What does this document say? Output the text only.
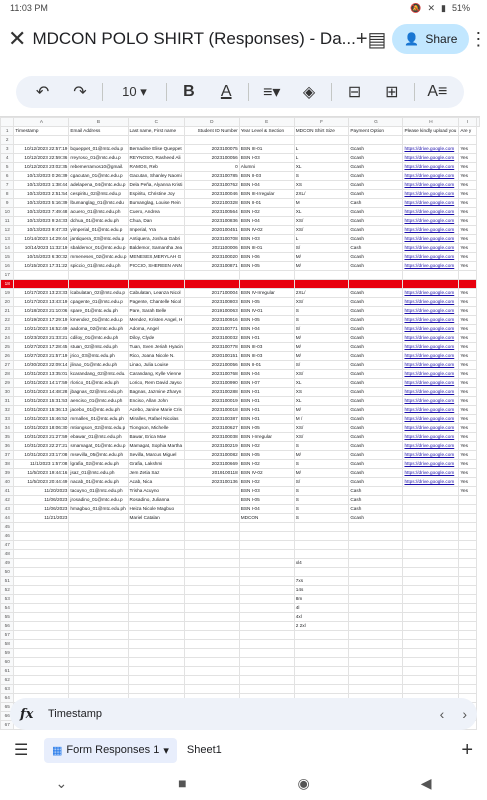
11:03 PM	🔕 ✕ ▮ 51%
✕ MDCON POLO SHIRT (Responses) - Da... + ▤ 👤 Share ⋮
↶	↷	10 ▾	B	A	≡▾	◈	⊟	⊞	A≡
	A	B	C	D	E	F	G	H	I	
1	Timestamp	Email Address	Last name, First name	Student ID Number	Year Level & Section	MDCON Shirt Size	Payment Option	Please kindly upload you	Are y	
2										
3	10/12/2023 22:57:19	bqueppet_01@mtc.edu.p	Bernadine Elise Queppet	2023100075	BSN III-01	L	Gcash	https://drive.google.com	Yes	
4	10/12/2023 22:59:36	rreyroso_01@mtc.edu.p	REYNOSO, Rasheed Ali	2023100056	BSN I-03	L	Gcash	https://drive.google.com	Yes	
5	10/12/2023 23:02:35	rebemerramos10@gmail.	RAMOS, Reb	0	Alumni	XL	Gcash	https://drive.google.com	Yes	
6	10/13/2023 0:26:39	cgacutan_01@mtc.edu.p	Gacutan, Shanley Naomi	2023100785	BSN II-03	S	Gcash	https://drive.google.com	Yes	
7	10/13/2023 1:38:44	adelapena_04@mtc.edu.p	Dela Peña, Alyanna Kristi	2023100762	BSN I-04	XS	Gcash	https://drive.google.com	Yes	
8	10/13/2023 2:51:54	cespiritu_02@mtc.edu.p	Espiritu, Christine Joy	2023100046	BSN III-Irregular	2XL/	Gcash	https://drive.google.com	Yes	
9	10/13/2023 5:16:39	lbumanglag_01@mtc.edu	Bumanglag, Louise Rein	2022100328	BSN II-01	M	Cash	https://drive.google.com	Yes	
10	10/13/2023 7:49:48	acuero_01@mtc.edu.ph	Cuero, Andrea	2023100564	BSN I-02	XL	Gcash	https://drive.google.com	Yes	
11	10/13/2023 9:24:33	dchua_01@mtc.edu.ph	Chua, Dan	2023100836	BSN I-04	XS/	Gcash	https://drive.google.com	Yes	
12	10/13/2023 9:47:33	yimperial_01@mtc.edu.p	Imperial, Yra	2020100451	BSN IV-02	XS/	Gcash	https://drive.google.com	Yes	
13	10/14/2023 14:29:44	jantiquera_03@mtc.edu.p	Antiquera, Joshua Gabri	2023100708	BSN I-03	L	Gcash	https://drive.google.com	Yes	
14	10/14/2023 11:32:19	sbaldemor_01@mtc.edu.p	Baldemor, Samantha Jea	2021100006	BSN III-01	S/	Cash	https://drive.google.com	Yes	
15	10/15/2023 6:30:32	mmeneses_02@mtc.edu.p	MENESES,MERYLAH G	2023100020	BSN I-06	M/	Gcash	https://drive.google.com	Yes	
16	10/15/2023 17:31:22	spiccio_01@mtc.edu.ph	PICCIO, SHEREEN ANN	2023100871	BSN I-05	M/	Gcash	https://drive.google.com	Yes	
17										
18										
19	10/17/2023 13:23:33	lcabulatan_02@mtc.edu.p	Cabulatan, Leanza Nicol	2017100004	BSN IV-Irregular	2XL/	Gcash	https://drive.google.com	Yes	
20	10/17/2023 13:43:19	cpagente_01@mtc.edu.p	Pagente, Chantelle Nicol	2023100803	BSN I-05	XS/	Gcash	https://drive.google.com	Yes	
21	10/18/2023 21:10:06	spare_01@mtc.edu.ph	Pare, Sarah Belle	2019100063	BSN IV-01	S	Gcash	https://drive.google.com	Yes	
22	10/19/2023 17:29:19	kmendez_01@mtc.edu.p	Mendez, Kristen Angel, H	2023100916	BSN I-05	S	Gcash	https://drive.google.com	Yes	
23	10/21/2023 16:52:49	aadoma_02@mtc.edu.ph	Adoma, Angel	2023100771	BSN I-04	S/	Gcash	https://drive.google.com	Yes	
24	10/23/2023 21:33:21	cdiloy_01@mtc.edu.ph	Diloy, Clyde	2023100032	BSN I-01	M/	Gcash	https://drive.google.com	Yes	
25	10/27/2023 17:28:45	stuan_02@mtc.edu.ph	Tuan, Sven Jeriah Hyacin	2023100778	BSN III-03	M/	Gcash	https://drive.google.com	Yes	
26	10/27/2023 21:57:19	jrico_03@mtc.edu.ph	Rico, Joana Nicole N.	2020100151	BSN III-03	M/	Gcash	https://drive.google.com	Yes	
27	10/30/2023 22:09:14	jlinao_01@mtc.edu.ph	Linao, Julia Louise	2022100056	BSN II-01	S/	Gcash	https://drive.google.com	Yes	
28	10/31/2023 13:35:01	kcarandang_02@mtc.edu.	Carandang, Kylle Vienne	2023100768	BSN I-04	XS/	Gcash	https://drive.google.com	Yes	
29	10/31/2023 14:17:59	rlorico_01@mtc.edu.ph	Lorico, Rem David Jayso	2023100990	BSN I-07	XL	Gcash	https://drive.google.com	Yes	
30	10/31/2023 14:48:28	jbagnas_02@mtc.edu.ph	Bagnas, Jazmine Zharyn	2023100288	BSN I-01	XS	Gcash	https://drive.google.com	Yes	
31	10/31/2023 15:31:53	aenciso_01@mtc.edu.ph	Enciso, Allan John	2023100019	BSN I-01	XL	Gcash	https://drive.google.com	Yes	
32	10/31/2023 15:36:13	jacebo_01@mtc.edu.ph	Acebo, Janine Marie Cris	2023100018	BSN I-01	M/	Gcash	https://drive.google.com	Yes	
33	10/31/2023 15:46:52	mrnalles_01@mtc.edu.ph	Miralles, Rafael Nicolas	2023100387	BSN I-01	M /	Gcash	https://drive.google.com	Yes	
34	10/31/2023 18:06:30	mtiongson_02@mtc.edu.p	Tiongson, Michelle	2023100627	BSN I-05	XS/	Gcash	https://drive.google.com	Yes	
35	10/31/2023 21:27:59	ebawar_01@mtc.edu.ph	Bawar, Erica Mae	2023100038	BSN I-Irregular	XS/	Gcash	https://drive.google.com	Yes	
36	10/31/2023 22:27:21	smamagat_01@mtc.edu.p	Mamagat, Sophia Martha	2023100219	BSN I-02	S	Gcash	https://drive.google.com	Yes	
37	10/31/2023 23:17:08	msevilla_05@mtc.edu.ph	Sevilla, Marcus Miguel	2023100082	BSN I-05	M/	Gcash	https://drive.google.com	Yes	
38	11/1/2023 1:57:08	lgrafia_02@mtc.edu.ph	Grafia, Lakshmi	2023100669	BSN I-02	S	Gcash	https://drive.google.com	Yes	
39	11/5/2023 19:44:16	jsaz_01@mtc.edu.ph	Jem Zetia Saz	2019100118	BSN IV-02	M/	Gcash	https://drive.google.com	Yes	
40	11/5/2023 20:44:49	nacab_01@mtc.edu.ph	Acab, Nica	2023100136	BSN I-02	S/	Gcash	https://drive.google.com	Yes	
41	11/20/2023	tacuyno_01@mtc.edu.ph	Trisha Acuyno		BSN I-03	S	Cash		Yes	
42	11/06/2023	jrosadino_01@mtc.edu.p	Rosadino, Julianna		BSN I-05	S	Cash			
43	11/06/2023	hmagbuo_01@mtc.edu.ph	Heiza Nicole Magbuo		BSN I-04	S	Cash			
44	11/21/2023		Mariel Catalan		MDCON	S	Gcash			
45										
46										
47										
48										
49						xl4				
50										
51						7xs				
52						14s				
53						8m				
54						4l				
55						4xl				
56						2 2xl				
57										
58										
59										
60										
61										
62										
63										
64										
65										
66										
67										
fx	Timestamp	‹ ›
☰	▦ Form Responses 1 ▾	Sheet1	+
⌄	■	◉	◀
